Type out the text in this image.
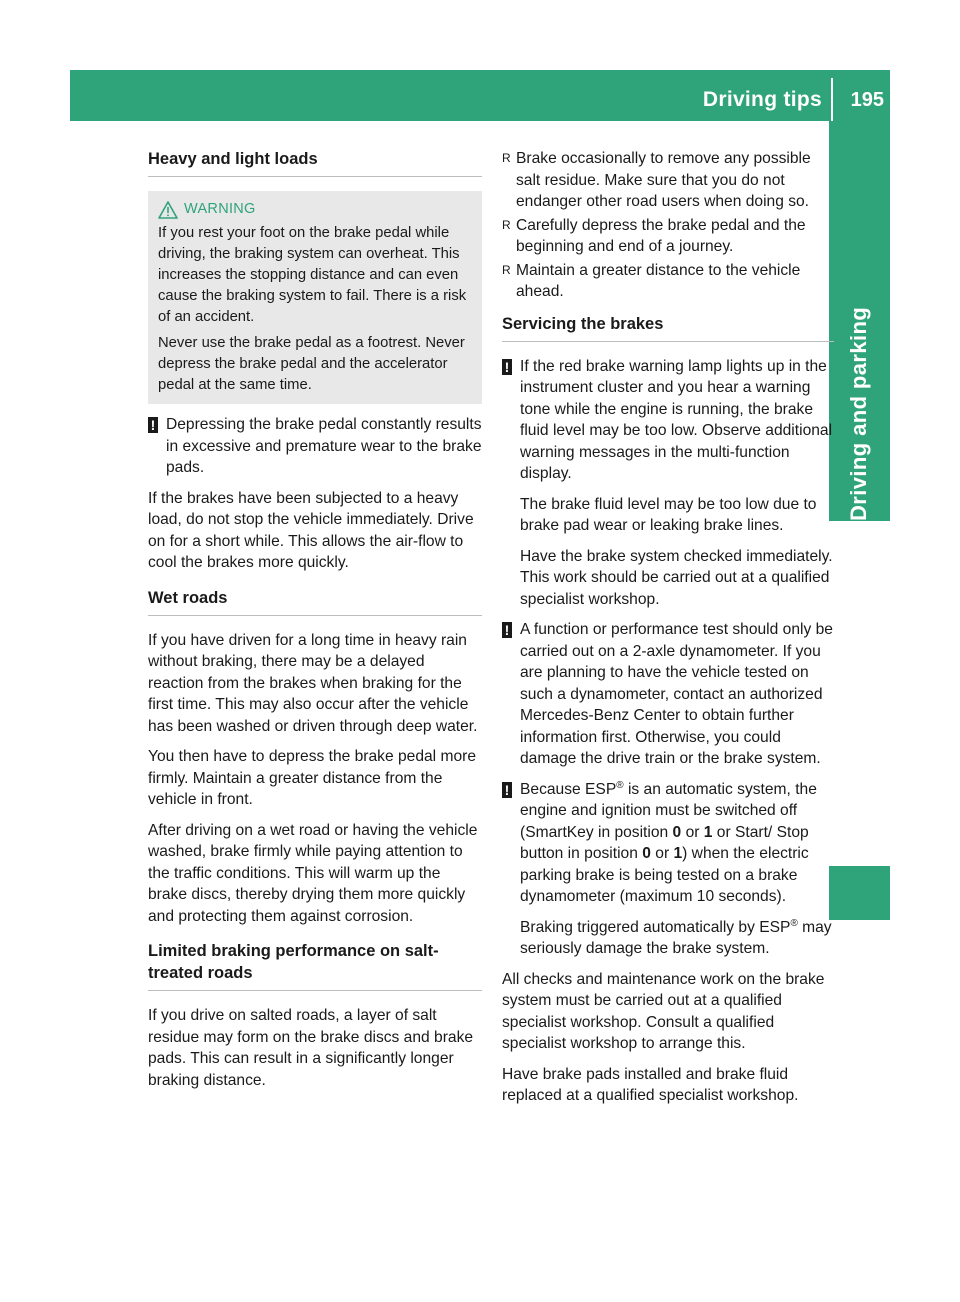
Driving tips 195
Driving and parking
Heavy and light loads
WARNING

If you rest your foot on the brake pedal while driving, the braking system can overheat. This increases the stopping distance and can even cause the braking system to fail. There is a risk of an accident.

Never use the brake pedal as a footrest. Never depress the brake pedal and the accelerator pedal at the same time.

! Depressing the brake pedal constantly results in excessive and premature wear to the brake pads.

If the brakes have been subjected to a heavy load, do not stop the vehicle immediately. Drive on for a short while. This allows the air-flow to cool the brakes more quickly.

Wet roads

If you have driven for a long time in heavy rain without braking, there may be a delayed reaction from the brakes when braking for the first time. This may also occur after the vehicle has been washed or driven through deep water.

You then have to depress the brake pedal more firmly. Maintain a greater distance from the vehicle in front.

After driving on a wet road or having the vehicle washed, brake firmly while paying attention to the traffic conditions. This will warm up the brake discs, thereby drying them more quickly and protecting them against corrosion.

Limited braking performance on salt-treated roads

If you drive on salted roads, a layer of salt residue may form on the brake discs and brake pads. This can result in a significantly longer braking distance.

R Brake occasionally to remove any possible salt residue. Make sure that you do not endanger other road users when doing so.
R Carefully depress the brake pedal and the beginning and end of a journey.
R Maintain a greater distance to the vehicle ahead.
Servicing the brakes
! If the red brake warning lamp lights up in the instrument cluster and you hear a warning tone while the engine is running, the brake fluid level may be too low. Observe additional warning messages in the multi-function display.

The brake fluid level may be too low due to brake pad wear or leaking brake lines.

Have the brake system checked immediately. This work should be carried out at a qualified specialist workshop.

! A function or performance test should only be carried out on a 2-axle dynamometer. If you are planning to have the vehicle tested on such a dynamometer, contact an authorized Mercedes-Benz Center to obtain further information first. Otherwise, you could damage the drive train or the brake system.

! Because ESP® is an automatic system, the engine and ignition must be switched off (SmartKey in position 0 or 1 or Start/ Stop button in position 0 or 1) when the electric parking brake is being tested on a brake dynamometer (maximum 10 seconds).

Braking triggered automatically by ESP® may seriously damage the brake system.

All checks and maintenance work on the brake system must be carried out at a qualified specialist workshop. Consult a qualified specialist workshop to arrange this.

Have brake pads installed and brake fluid replaced at a qualified specialist workshop.
